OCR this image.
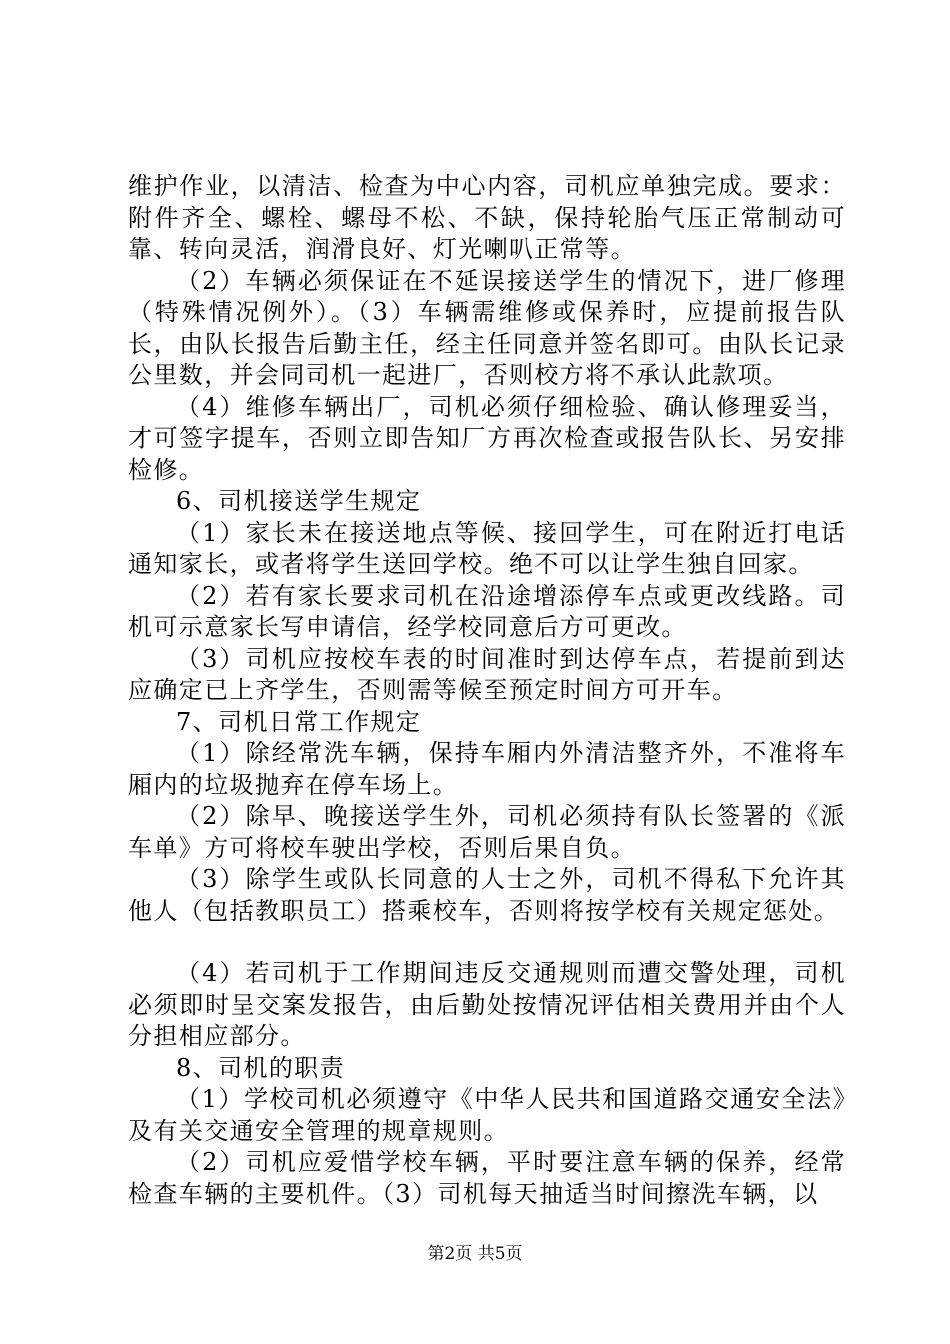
维护作业，以清洁、检查为中心内容，司机应单独完成。要求：附件齐全、螺栓、螺母不松、不缺，保持轮胎气压正常制动可靠、转向灵活，润滑良好、灯光喇叭正常等。

（2）车辆必须保证在不延误接送学生的情况下，进厂修理（特殊情况例外）。（3）车辆需维修或保养时，应提前报告队长，由队长报告后勤主任，经主任同意并签名即可。由队长记录公里数，并会同司机一起进厂，否则校方将不承认此款项。

（4）维修车辆出厂，司机必须仔细检验、确认修理妥当，才可签字提车，否则立即告知厂方再次检查或报告队长、另安排检修。

6、司机接送学生规定

（1）家长未在接送地点等候、接回学生，可在附近打电话通知家长，或者将学生送回学校。绝不可以让学生独自回家。

（2）若有家长要求司机在沿途增添停车点或更改线路。司机可示意家长写申请信，经学校同意后方可更改。

（3）司机应按校车表的时间准时到达停车点，若提前到达应确定已上齐学生，否则需等候至预定时间方可开车。

7、司机日常工作规定

（1）除经常洗车辆，保持车厢内外清洁整齐外，不准将车厢内的垃圾抛弃在停车场上。

（2）除早、晚接送学生外，司机必须持有队长签署的《派车单》方可将校车驶出学校，否则后果自负。

（3）除学生或队长同意的人士之外，司机不得私下允许其他人（包括教职员工）搭乘校车，否则将按学校有关规定惩处。

（4）若司机于工作期间违反交通规则而遭交警处理，司机必须即时呈交案发报告，由后勤处按情况评估相关费用并由个人分担相应部分。

8、司机的职责

（1）学校司机必须遵守《中华人民共和国道路交通安全法》及有关交通安全管理的规章规则。

（2）司机应爱惜学校车辆，平时要注意车辆的保养，经常检查车辆的主要机件。（3）司机每天抽适当时间擦洗车辆，以

第2页 共5页
